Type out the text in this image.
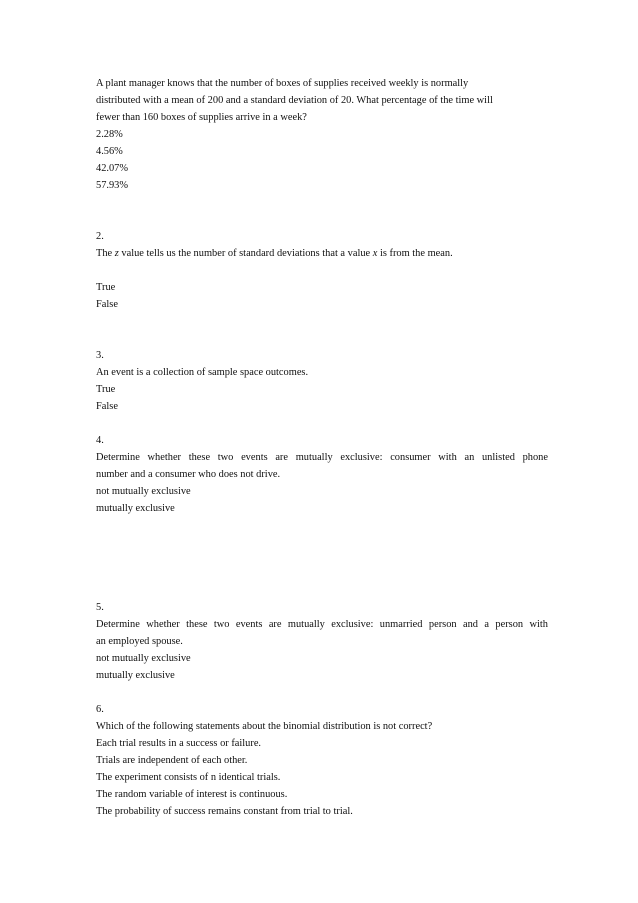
A plant manager knows that the number of boxes of supplies received weekly is normally
distributed with a mean of 200 and a standard deviation of 20. What percentage of the time will
fewer than 160 boxes of supplies arrive in a week?
2.28%
4.56%
42.07%
57.93%
2.
The z value tells us the number of standard deviations that a value x is from the mean.
True
False
3.
An event is a collection of sample space outcomes.
True
False
4.
Determine whether these two events are mutually exclusive: consumer with an unlisted phone
number and a consumer who does not drive.
not mutually exclusive
mutually exclusive
5.
Determine whether these two events are mutually exclusive: unmarried person and a person with
an employed spouse.
not mutually exclusive
mutually exclusive
6.
Which of the following statements about the binomial distribution is not correct?
Each trial results in a success or failure.
Trials are independent of each other.
The experiment consists of n identical trials.
The random variable of interest is continuous.
The probability of success remains constant from trial to trial.
